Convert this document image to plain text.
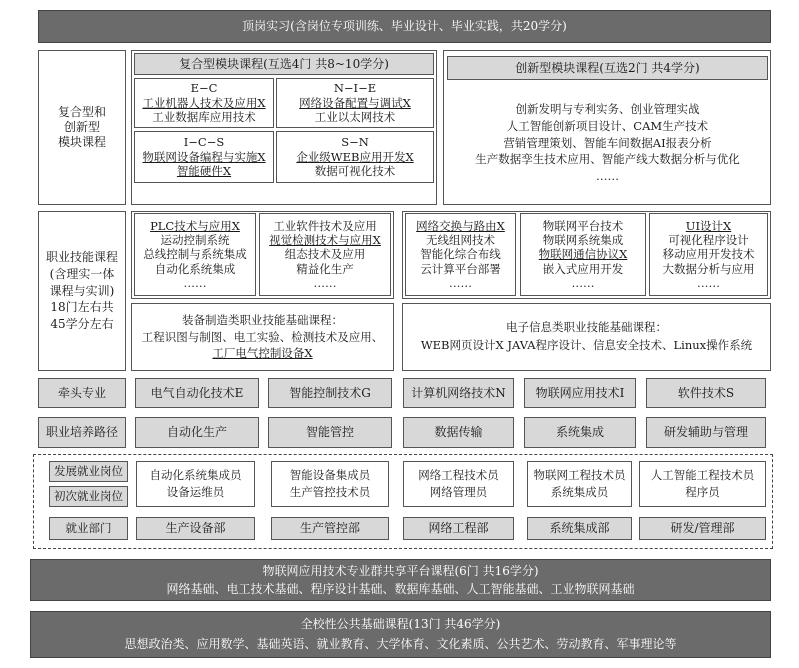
顶岗实习(含岗位专项训练、毕业设计、毕业实践，共20学分)
复合型和
创新型
模块课程
复合型模块课程(互选4门 共8~10学分)
E−C
工业机器人技术及应用X
工业数据库应用技术
N−I−E
网络设备配置与调试X
工业以太网技术
I−C−S
物联网设备编程与实施X
智能硬件X
S−N
企业级WEB应用开发X
数据可视化技术
创新型模块课程(互选2门 共4学分)
创新发明与专利实务、创业管理实战
人工智能创新项目设计、CAM生产技术
营销管理策划、智能车间数据AI报表分析
生产数据孪生技术应用、智能产线大数据分析与优化
……
职业技能课程
(含理实一体
课程与实训)
18门左右共
45学分左右
PLC技术与应用X
运动控制系统
总线控制与系统集成
自动化系统集成
……
工业软件技术及应用
视觉检测技术与应用X
组态技术及应用
精益化生产
……
网络交换与路由X
无线组网技术
智能化综合布线
云计算平台部署
……
物联网平台技术
物联网系统集成
物联网通信协议X
嵌入式应用开发
……
UI设计X
可视化程序设计
移动应用开发技术
大数据分析与应用
……
装备制造类职业技能基础课程：
工程识图与制图、电工实验、检测技术及应用、
工厂电气控制设备X
电子信息类职业技能基础课程：
WEB网页设计X JAVA程序设计、信息安全技术、Linux操作系统
牵头专业	电气自动化技术E	智能控制技术G	计算机网络技术N 物联网应用技术I	软件技术S
职业培养路径	自动化生产	智能管控	数据传输	系统集成	研发辅助与管理
发展就业岗位
初次就业岗位
就业部门
自动化系统集成员
设备运维员
智能设备集成员
生产管控技术员
网络工程技术员
网络管理员
物联网工程技术员
系统集成员
人工智能工程技术员
程序员
生产设备部	生产管控部	网络工程部	系统集成部	研发/管理部
物联网应用技术专业群共享平台课程(6门 共16学分)
网络基础、电工技术基础、程序设计基础、数据库基础、人工智能基础、工业物联网基础
全校性公共基础课程(13门 共46学分)
思想政治类、应用数学、基础英语、就业教育、大学体育、文化素质、公共艺术、劳动教育、军事理论等
